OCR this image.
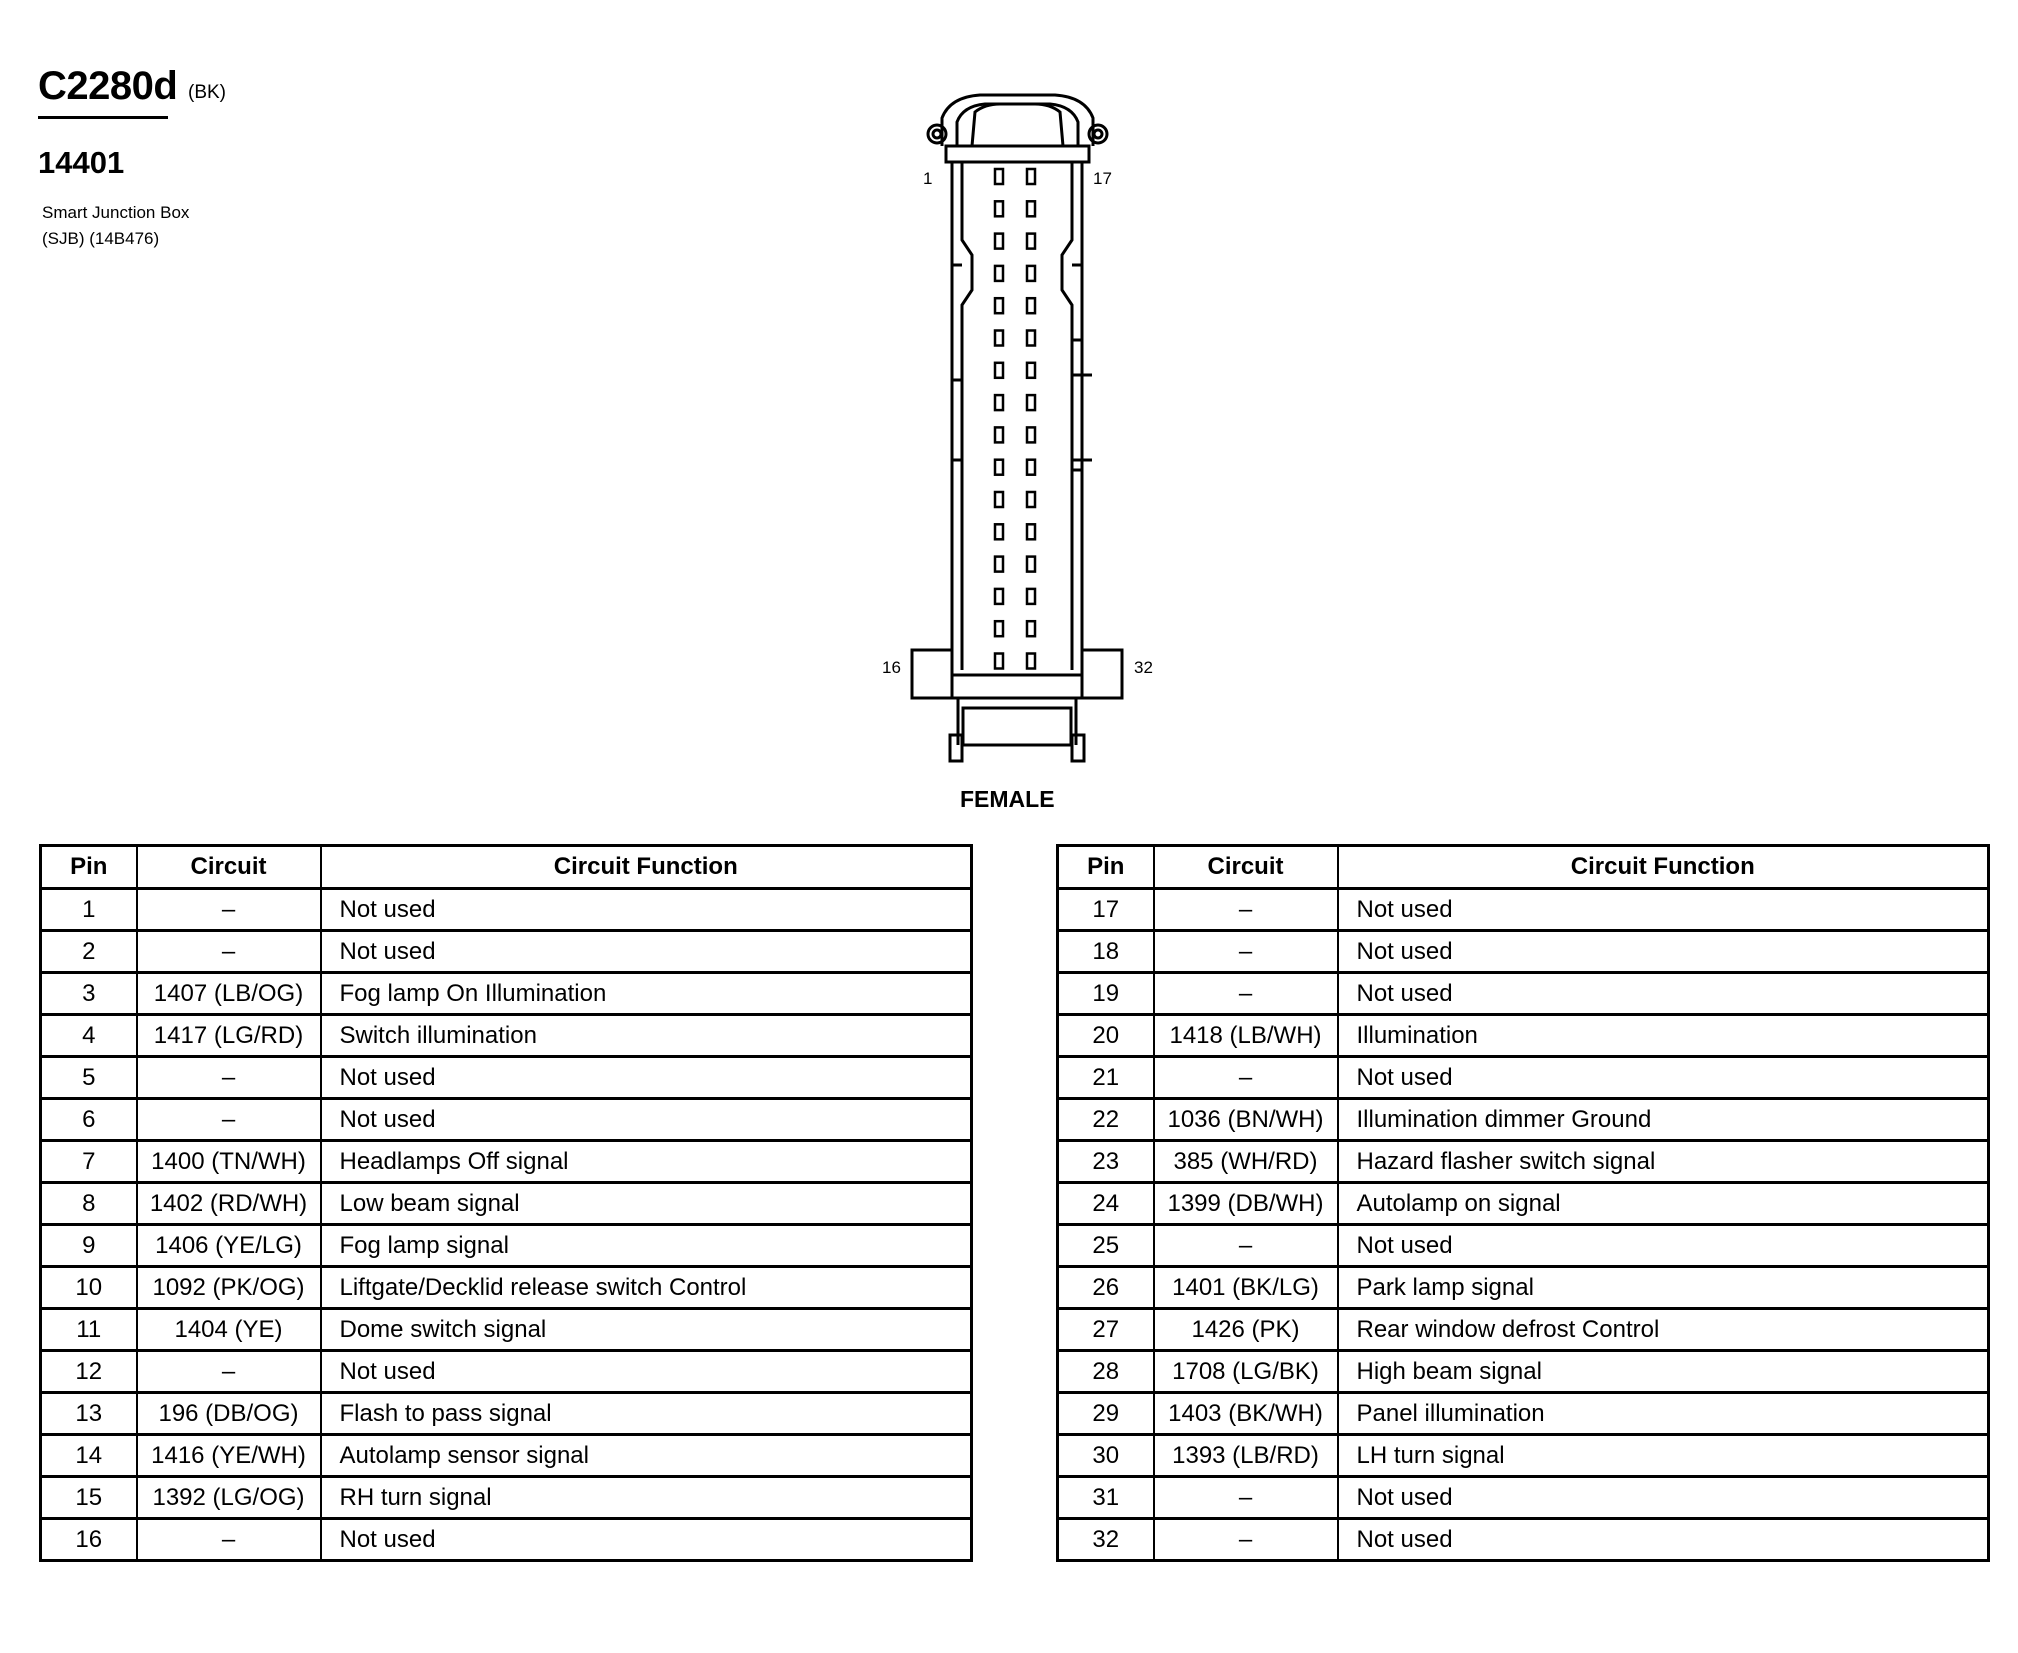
C2280d (BK)
14401
Smart Junction Box
(SJB) (14B476)
1	17
16	32
FEMALE
Pin	Circuit	Circuit Function
1	–	Not used
2	–	Not used
3	1407 (LB/OG)	Fog lamp On Illumination
4	1417 (LG/RD)	Switch illumination
5	–	Not used
6	–	Not used
7	1400 (TN/WH)	Headlamps Off signal
8	1402 (RD/WH)	Low beam signal
9	1406 (YE/LG)	Fog lamp signal
10	1092 (PK/OG)	Liftgate/Decklid release switch Control
11	1404 (YE)	Dome switch signal
12	–	Not used
13	196 (DB/OG)	Flash to pass signal
14	1416 (YE/WH)	Autolamp sensor signal
15	1392 (LG/OG)	RH turn signal
16	–	Not used
Pin	Circuit	Circuit Function
17	–	Not used
18	–	Not used
19	–	Not used
20	1418 (LB/WH)	Illumination
21	–	Not used
22	1036 (BN/WH)	Illumination dimmer Ground
23	385 (WH/RD)	Hazard flasher switch signal
24	1399 (DB/WH)	Autolamp on signal
25	–	Not used
26	1401 (BK/LG)	Park lamp signal
27	1426 (PK)	Rear window defrost Control
28	1708 (LG/BK)	High beam signal
29	1403 (BK/WH)	Panel illumination
30	1393 (LB/RD)	LH turn signal
31	–	Not used
32	–	Not used
